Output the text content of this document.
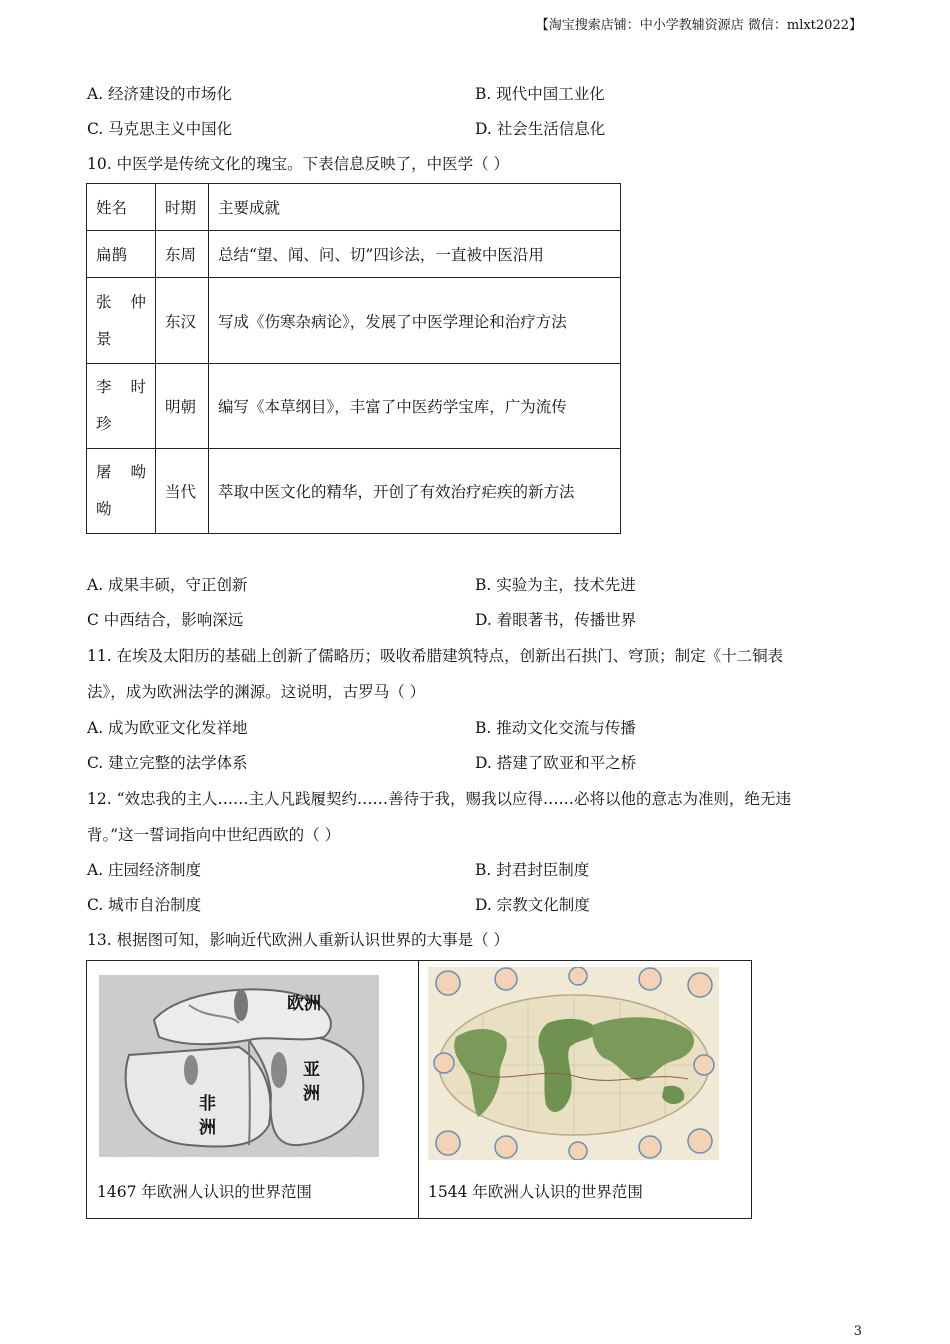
【淘宝搜索店铺：中小学教辅资源店 微信：mlxt2022】
A. 经济建设的市场化	B. 现代中国工业化
C. 马克思主义中国化	D. 社会生活信息化
10. 中医学是传统文化的瑰宝。下表信息反映了，中医学（ ）
姓名	时期	主要成就
扁鹊	东周	总结“望、闻、问、切”四诊法，一直被中医沿用

张 仲
景	东汉	写成《伤寒杂病论》，发展了中医学理论和治疗方法

李 时
珍	明朝	编写《本草纲目》，丰富了中医药学宝库，广为流传

屠 呦
呦	当代	萃取中医文化的精华，开创了有效治疗疟疾的新方法
A. 成果丰硕，守正创新	B. 实验为主，技术先进
C 中西结合，影响深远	D. 着眼著书，传播世界
11. 在埃及太阳历的基础上创新了儒略历；吸收希腊建筑特点，创新出石拱门、穹顶；制定《十二铜表
法》，成为欧洲法学的渊源。这说明，古罗马（ ）
A. 成为欧亚文化发祥地	B. 推动文化交流与传播
C. 建立完整的法学体系	D. 搭建了欧亚和平之桥
12. “效忠我的主人……主人凡践履契约……善待于我，赐我以应得……必将以他的意志为准则，绝无违
背。”这一誓词指向中世纪西欧的（ ）
A. 庄园经济制度	B. 封君封臣制度
C. 城市自治制度	D. 宗教文化制度
13. 根据图可知，影响近代欧洲人重新认识世界的大事是（ ）
欧洲
亚
洲
非
洲
1467 年欧洲人认识的世界范围	1544 年欧洲人认识的世界范围
3
